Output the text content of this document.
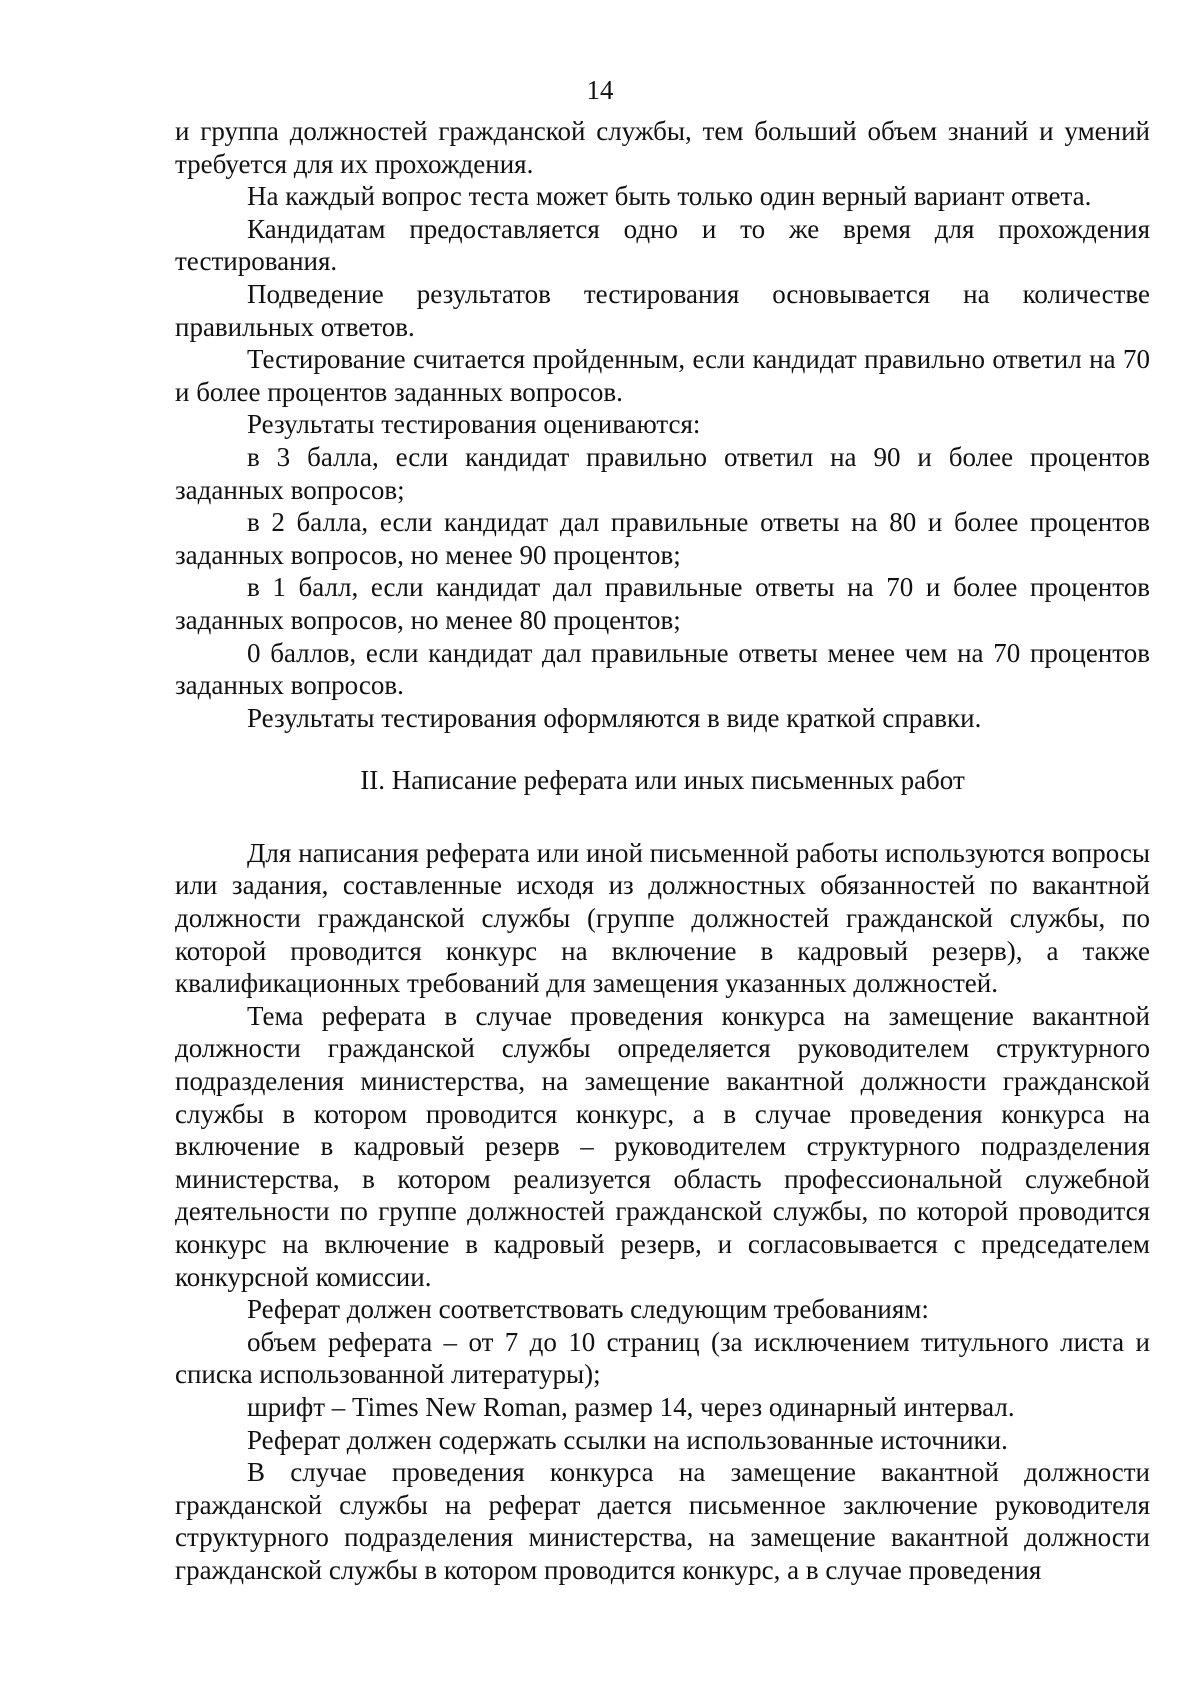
14

и группа должностей гражданской службы, тем больший объем знаний и умений требуется для их прохождения.

На каждый вопрос теста может быть только один верный вариант ответа.

Кандидатам предоставляется одно и то же время для прохождения тестирования.

Подведение результатов тестирования основывается на количестве правильных ответов.

Тестирование считается пройденным, если кандидат правильно ответил на 70 и более процентов заданных вопросов.

Результаты тестирования оцениваются:

в 3 балла, если кандидат правильно ответил на 90 и более процентов заданных вопросов;

в 2 балла, если кандидат дал правильные ответы на 80 и более процентов заданных вопросов, но менее 90 процентов;

в 1 балл, если кандидат дал правильные ответы на 70 и более процентов заданных вопросов, но менее 80 процентов;

0 баллов, если кандидат дал правильные ответы менее чем на 70 процентов заданных вопросов.

Результаты тестирования оформляются в виде краткой справки.

II. Написание реферата или иных письменных работ

Для написания реферата или иной письменной работы используются вопросы или задания, составленные исходя из должностных обязанностей по вакантной должности гражданской службы (группе должностей гражданской службы, по которой проводится конкурс на включение в кадровый резерв), а также квалификационных требований для замещения указанных должностей.

Тема реферата в случае проведения конкурса на замещение вакантной должности гражданской службы определяется руководителем структурного подразделения министерства, на замещение вакантной должности гражданской службы в котором проводится конкурс, а в случае проведения конкурса на включение в кадровый резерв – руководителем структурного подразделения министерства, в котором реализуется область профессиональной служебной деятельности по группе должностей гражданской службы, по которой проводится конкурс на включение в кадровый резерв, и согласовывается с председателем конкурсной комиссии.

Реферат должен соответствовать следующим требованиям:

объем реферата – от 7 до 10 страниц (за исключением титульного листа и списка использованной литературы);

шрифт – Times New Roman, размер 14, через одинарный интервал.

Реферат должен содержать ссылки на использованные источники.

В случае проведения конкурса на замещение вакантной должности гражданской службы на реферат дается письменное заключение руководителя структурного подразделения министерства, на замещение вакантной должности гражданской службы в котором проводится конкурс, а в случае проведения
